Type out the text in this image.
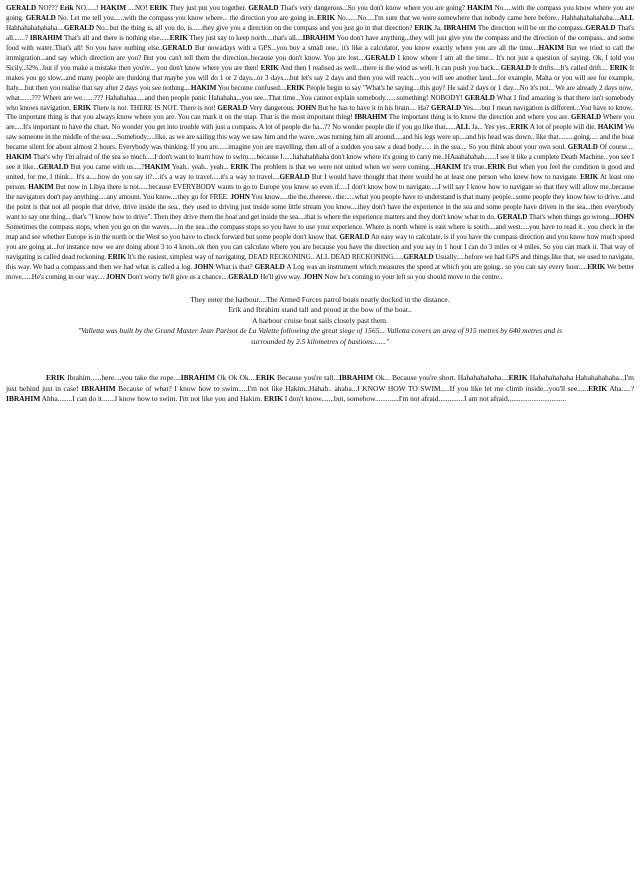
GERALD NO??? Erik NO......! HAKIM ....NO! ERIK They just put you together. GERALD That's very dangerous...So you don't know where you are going? HAKIM No.....with the compass you know where you are going. GERALD No. Let me tell you......with the compass you know where... the direction you are going in..ERIK No.......No.....I'm sure that we were somewhere that nobody came here before.. Hahhahahahahaha....ALL Hahhahahahahaha....GERALD No...but the thing is, all you do, is......they give you a direction on the compass and you just go in that direction? ERIK Ja. IBRAHIM The direction will be on the compass..GERALD That's all.......? IBRAHIM That's all and there is nothing else......ERIK They just say to keep north....that's all....IBRAHIM You don't have anything...they will just give you the compass and the direction of the compass.. and some food with water..That's all! So you have nothing else..GERALD But nowadays with a GPS...you buy a small one.. it's like a calculator, you know exactly where you are all the time....HAKIM But we tried to call the immigration...and say which direction are you? But you can't tell them the direction..because you don't know. You are lost....GERALD I know where I am all the time... It's not just a question of saying. Ok, I told you Sicily..32%...but if you make a mistake then you're... you don't know where you are then! ERIK And then I realised as well....there is the wind as well. It can push you back....GERALD It drifts....It's called drift.... ERIK It makes you go slow...and many people are thinking that maybe you will do 1 or 2 days...or 3 days....but let's say 2 days and then you will reach....you will see another land....for example, Malta or you will see for example, Italy....but then you realise that say after 2 days you see nothing....HAKIM You become confused....ERIK People begin to say "What's he saying....this guy? He said 2 days or 1 day....No it's not... We are already 2 days now.. what.......??? Where are we.......??? Hahahahaa.....and then people panic Hahahaha...you see...That time...You cannot explain somebody.......something! NOBODY! GERALD What I find amazing is that there isn't somebody who knows navigation. ERIK There is not. THERE IS NOT. There is not! GERALD Very dangerous. JOHN But he has to have it in his brain.... Ha? GERALD Yes.....but I mean navigation is different...You have to know.. The important thing is that you always know where you are. You can mark it on the map. That is the most important thing! IBRAHIM The important thing is to know the direction and where you are. GERALD Where you are.....It's important to have the chart. No wonder you get into trouble with just a compass. A lot of people die ha...?? No wonder people die if you go like that......ALL Ja... Yes yes...ERIK A lot of people will die. HAKIM We saw someone in the middle of the sea....Somebody.....like, as we are sailing this way we saw him and the wave...was turning him all around.....and his legs were up....and his head was down.. like that.........going..... and the boat became silent for about almost 2 hours. Everybody was thinking. If you are......imagine you are travelling, then all of a sudden you saw a dead body...... in the sea.... So you think about your own soul. GERALD Of course.... HAKIM That's why I'm afraid of the sea so much.....I don't want to learn how to swim.....because I......hahahahhaha don't know where it's going to carry me..HAaahahahah.......I see it like a complete Death Machine.. you see I see it like...GERALD But you came with us.....?HAKIM Yeah.. yeah.. yeah... ERIK The problem is that we were not united when we were coming....HAKIM It's true..ERIK But when you feel the condition is good and united, for me, I think... It's a.....how do you say it?....it's a way to travel.....it's a way to travel....GERALD But I would have thought that there would be at least one person who knew how to navigate. ERIK At least one person. HAKIM But now in Libya there is not......because EVERYBODY wants to go to Europe you know so even if.....I don't know how to navigate.....I will say I know how to navigate so that they will allow me..because the navigators don't pay anything.....any amount. You know....they go for FREE. JOHN You know.....the the..theeeee.. the......what you people have to understand is that many people...some people they know how to drive...and the point is that not all people that drive, drive inside the sea.. they used to driving just inside some little stream you know....they don't have the experience in the sea and some people have driven in the sea...then everybody want to say one thing... that's "I know how to drive". Then they drive them the boat and get inside the sea....that is where the experience matters and they don't know what to do. GERALD That's when things go wrong...JOHN Sometimes the compass stops, when you go on the waves.....in the sea...the compass stops so you have to use your experience. Where is north where is east where is south....and west.....you have to read it.. you check in the map and see whether Europe is in the north or the West so you have to check forward but some people don't know that. GERALD An easy way to calculate, is if you have the compass direction and you know how much speed you are going at...for instance now we are doing about 3 to 4 knots..ok then you can calculate where you are because you have the direction and you say in 1 hour I can do 3 miles or 4 miles. So you can mark it. That way of navigating is called dead reckoning. ERIK It's the easiest, simplest way of navigating. DEAD RECKONING.. ALL DEAD RECKONING......GERALD Usually.....before we had GPS and things like that, we used to navigate, this way. We had a compass and then we had what is called a log. JOHN What is that? GERALD A Log was an instrument which measures the speed at which you are going.. so you can say every hour.....ERIK We better move......He's coming in our way.... JOHN Don't worry he'll give us a chance....GERALD He'll give way. JOHN Now he's coming to your left so you should move to the centre..

They enter the harbour....The Armed Forces patrol boats neatly docked in the distance.

Erik and Ibrahim stand tall and proud at the bow of the boat..

A harbour cruise boat sails closely past them.

"Valletta was built by the Grand Master Jean Parisot de La Valette following the great siege of 1565... Valletta covers an area of 915 metres by 640 metres and is surrounded by 2.5 kilometres of bastions......."

ERIK Ibrahim......here....you take the rope....IBRAHIM Ok Ok Ok....ERIK Because you're tall...IBRAHIM Ok... Because you're short. Hahahahahaha....ERIK Hahahahahaha Hahahahahaha...I'm just behind just in case! IBRAHIM Because of what? I know how to swim.....I'm not like Hakim..Hahah.. ahaha...I KNOW HOW TO SWIM.....If you like let me climb inside...you'll see......ERIK Aha.....? IBRAHIM Ahha........I can do it.......I know how to swim. I'm not like you and Hakim. ERIK I don't know.......but, somehow.............I'm not afraid..............I am not afraid................................
